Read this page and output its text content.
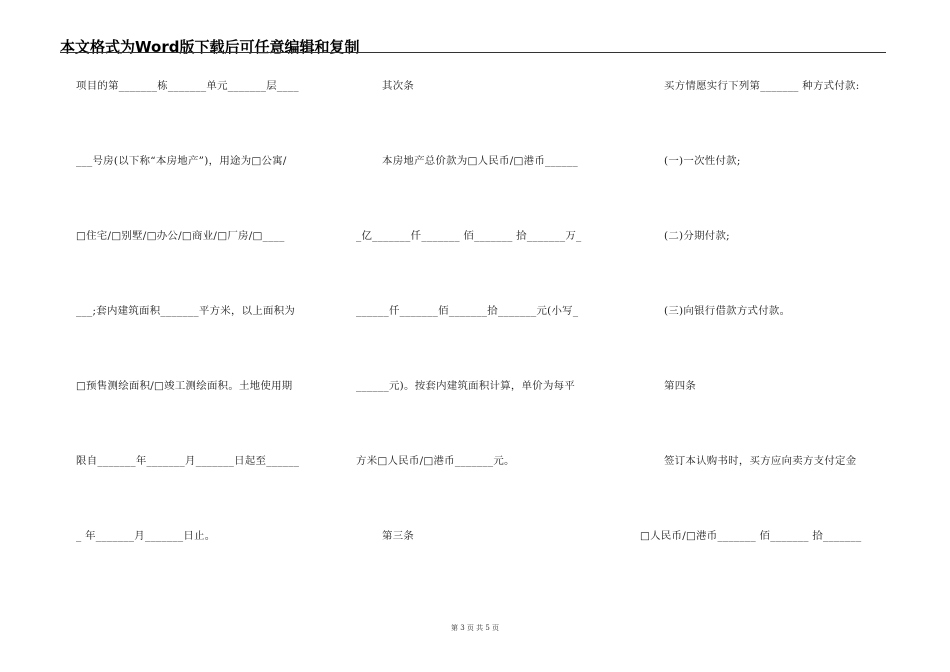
本文格式为Word版下载后可任意编辑和复制
项目的第_______栋_______单元_______层____
___号房(以下称“本房地产”)，用途为□公寓/
□住宅/□别墅/□办公/□商业/□厂房/□____
___;套内建筑面积_______平方米，以上面积为
□预售测绘面积/□竣工测绘面积。土地使用期
限自_______年_______月_______日起至______
_ 年_______月_______日止。
其次条
本房地产总价款为□人民币/□港币______
_亿_______仟_______ 佰_______ 拾_______万_
______仟_______佰_______拾_______元(小写_
______元)。按套内建筑面积计算，单价为每平
方米□人民币/□港币_______元。
第三条
买方情愿实行下列第_______ 种方式付款:
(一)一次性付款;
(二)分期付款;
(三)向银行借款方式付款。
第四条
签订本认购书时，买方应向卖方支付定金
□人民币/□港币_______ 佰_______ 拾_______
第 3 页 共 5 页
